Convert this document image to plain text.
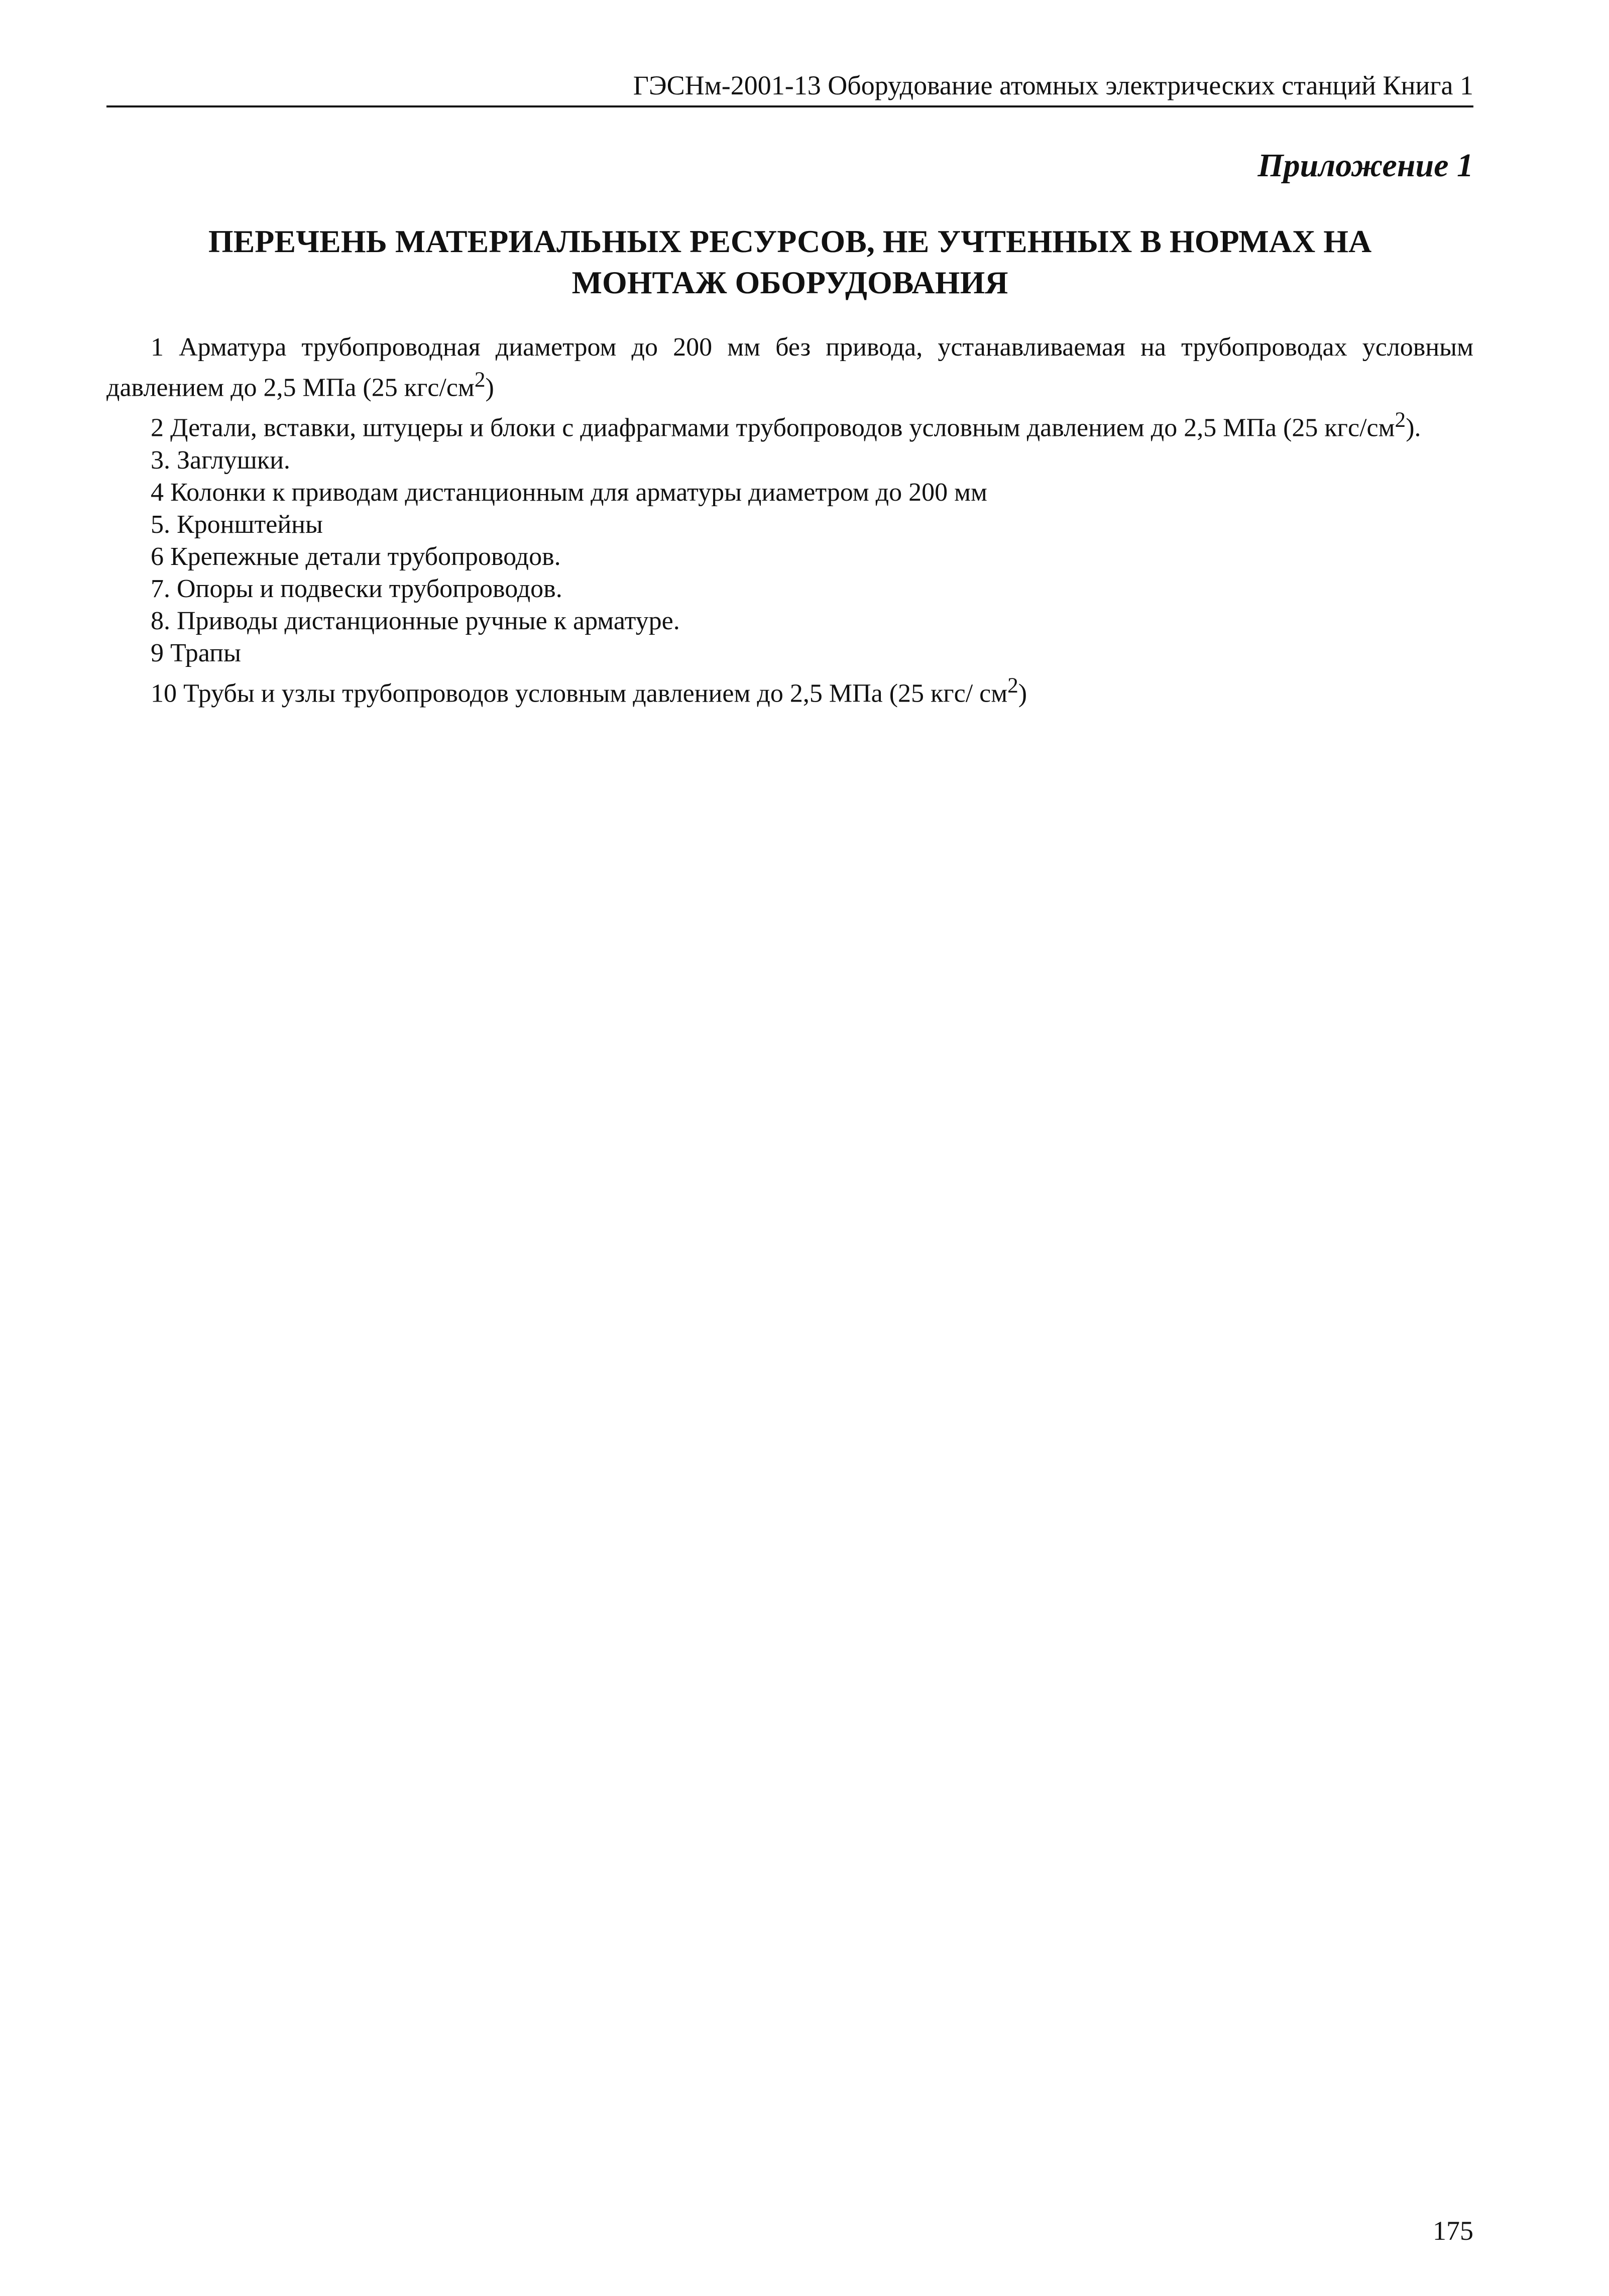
ГЭСНм-2001-13 Оборудование атомных электрических станций Книга 1
Приложение 1
ПЕРЕЧЕНЬ МАТЕРИАЛЬНЫХ РЕСУРСОВ, НЕ УЧТЕННЫХ В НОРМАХ НА
МОНТАЖ ОБОРУДОВАНИЯ

1 Арматура трубопроводная диаметром до 200 мм без привода, устанавливаемая на трубопроводах условным давлением до 2,5 МПа (25 кгс/$см^2$)

2 Детали, вставки, штуцеры и блоки с диафрагмами трубопроводов условным давлением до 2,5 МПа (25 кгс/$см^2$).

3. Заглушки.

4 Колонки к приводам дистанционным для арматуры диаметром до 200 мм

5. Кронштейны

6 Крепежные детали трубопроводов.

7. Опоры и подвески трубопроводов.

8. Приводы дистанционные ручные к арматуре.

9 Трапы

10 Трубы и узлы трубопроводов условным давлением до 2,5 МПа (25 кгс/ $см^2$)

175
